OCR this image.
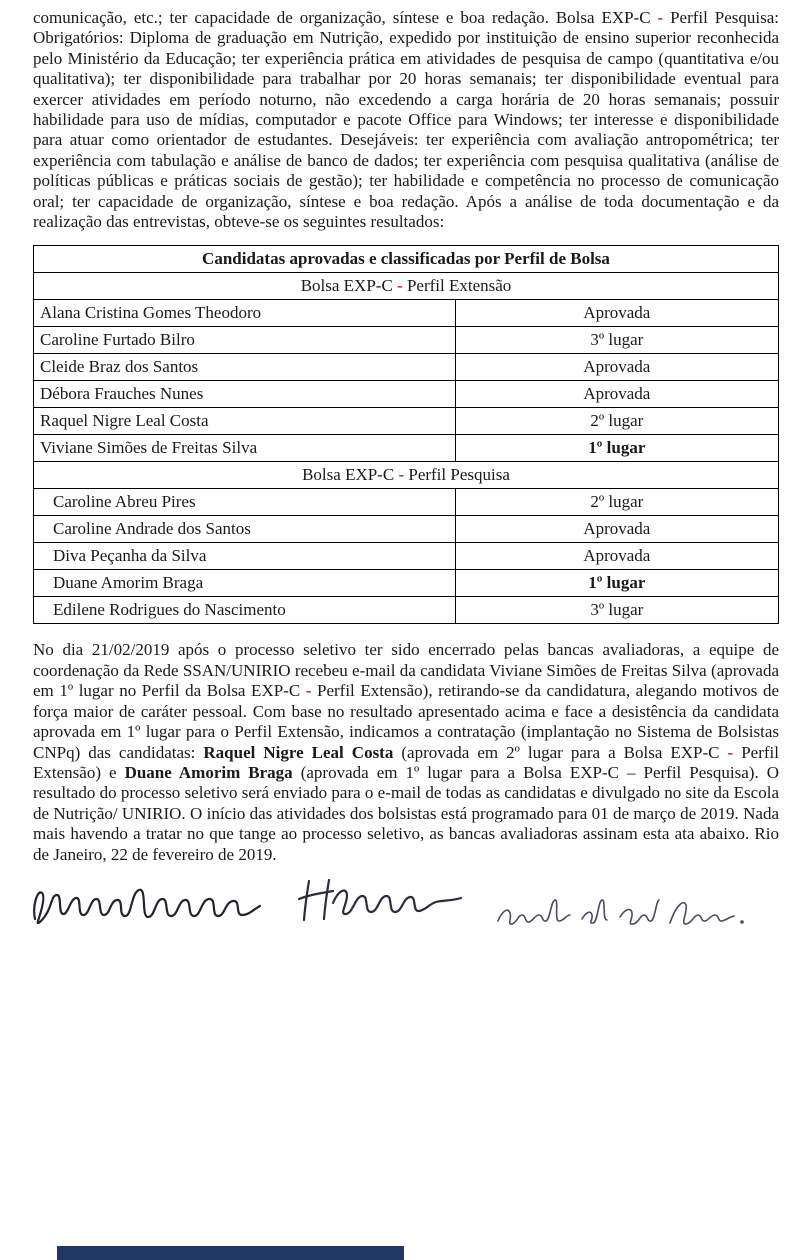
comunicação, etc.; ter capacidade de organização, síntese e boa redação. Bolsa EXP-C - Perfil Pesquisa: Obrigatórios: Diploma de graduação em Nutrição, expedido por instituição de ensino superior reconhecida pelo Ministério da Educação; ter experiência prática em atividades de pesquisa de campo (quantitativa e/ou qualitativa); ter disponibilidade para trabalhar por 20 horas semanais; ter disponibilidade eventual para exercer atividades em período noturno, não excedendo a carga horária de 20 horas semanais; possuir habilidade para uso de mídias, computador e pacote Office para Windows; ter interesse e disponibilidade para atuar como orientador de estudantes. Desejáveis: ter experiência com avaliação antropométrica; ter experiência com tabulação e análise de banco de dados; ter experiência com pesquisa qualitativa (análise de políticas públicas e práticas sociais de gestão); ter habilidade e competência no processo de comunicação oral; ter capacidade de organização, síntese e boa redação. Após a análise de toda documentação e da realização das entrevistas, obteve-se os seguintes resultados:

Candidatas aprovadas e classificadas por Perfil de Bolsa	
Bolsa EXP-C - Perfil Extensão	
Alana Cristina Gomes Theodoro	Aprovada
Caroline Furtado Bilro	3º lugar
Cleide Braz dos Santos	Aprovada
Débora Frauches Nunes	Aprovada
Raquel Nigre Leal Costa	2º lugar
Viviane Simões de Freitas Silva	1º lugar
Bolsa EXP-C - Perfil Pesquisa	
Caroline Abreu Pires	2º lugar
Caroline Andrade dos Santos	Aprovada
Diva Peçanha da Silva	Aprovada
Duane Amorim Braga	1º lugar
Edilene Rodrigues do Nascimento	3º lugar

No dia 21/02/2019 após o processo seletivo ter sido encerrado pelas bancas avaliadoras, a equipe de coordenação da Rede SSAN/UNIRIO recebeu e-mail da candidata Viviane Simões de Freitas Silva (aprovada em 1º lugar no Perfil da Bolsa EXP-C - Perfil Extensão), retirando-se da candidatura, alegando motivos de força maior de caráter pessoal. Com base no resultado apresentado acima e face a desistência da candidata aprovada em 1º lugar para o Perfil Extensão, indicamos a contratação (implantação no Sistema de Bolsistas CNPq) das candidatas: Raquel Nigre Leal Costa (aprovada em 2º lugar para a Bolsa EXP-C - Perfil Extensão) e Duane Amorim Braga (aprovada em 1º lugar para a Bolsa EXP-C – Perfil Pesquisa). O resultado do processo seletivo será enviado para o e-mail de todas as candidatas e divulgado no site da Escola de Nutrição/ UNIRIO. O início das atividades dos bolsistas está programado para 01 de março de 2019. Nada mais havendo a tratar no que tange ao processo seletivo, as bancas avaliadoras assinam esta ata abaixo. Rio de Janeiro, 22 de fevereiro de 2019.
